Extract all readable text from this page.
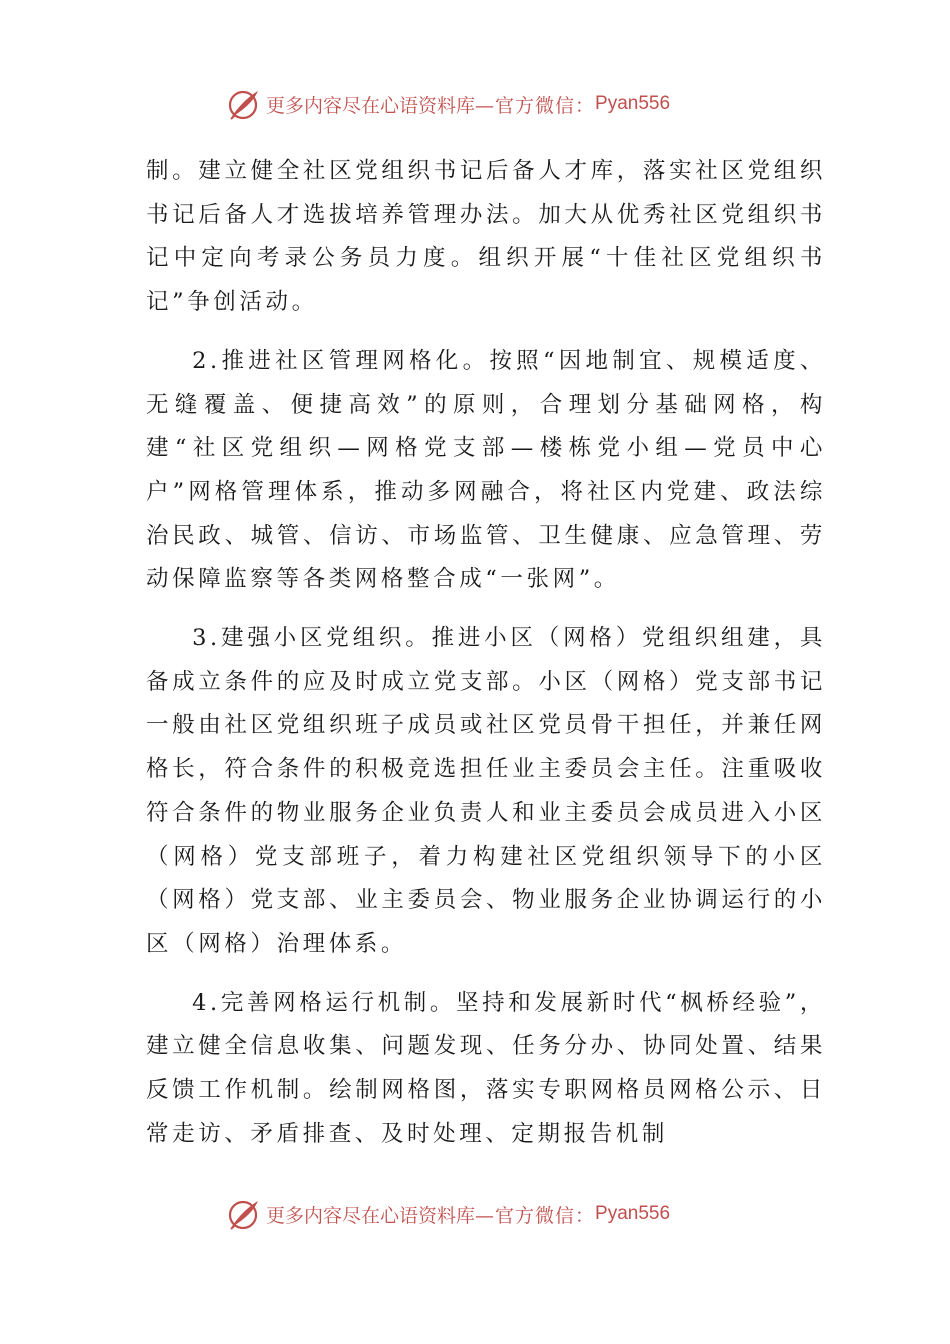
更多内容尽在心语资料库 —官方微信： Pyan556

制。建立健全社区党组织书记后备人才库，落实社区党组织书记后备人才选拔培养管理办法。加大从优秀社区党组织书记中定向考录公务员力度。组织开展“十佳社区党组织书记”争创活动。

2.推进社区管理网格化。按照“因地制宜、规模适度、无缝覆盖、便捷高效”的原则，合理划分基础网格，构建“社区党组织—网格党支部—楼栋党小组—党员中心户”网格管理体系，推动多网融合，将社区内党建、政法综治民政、城管、信访、市场监管、卫生健康、应急管理、劳动保障监察等各类网格整合成“一张网”。

3.建强小区党组织。推进小区（网格）党组织组建，具备成立条件的应及时成立党支部。小区（网格）党支部书记一般由社区党组织班子成员或社区党员骨干担任，并兼任网格长，符合条件的积极竞选担任业主委员会主任。注重吸收符合条件的物业服务企业负责人和业主委员会成员进入小区（网格）党支部班子，着力构建社区党组织领导下的小区（网格）党支部、业主委员会、物业服务企业协调运行的小区（网格）治理体系。

4.完善网格运行机制。坚持和发展新时代“枫桥经验”，建立健全信息收集、问题发现、任务分办、协同处置、结果反馈工作机制。绘制网格图，落实专职网格员网格公示、日常走访、矛盾排查、及时处理、定期报告机制

更多内容尽在心语资料库 —官方微信： Pyan556
